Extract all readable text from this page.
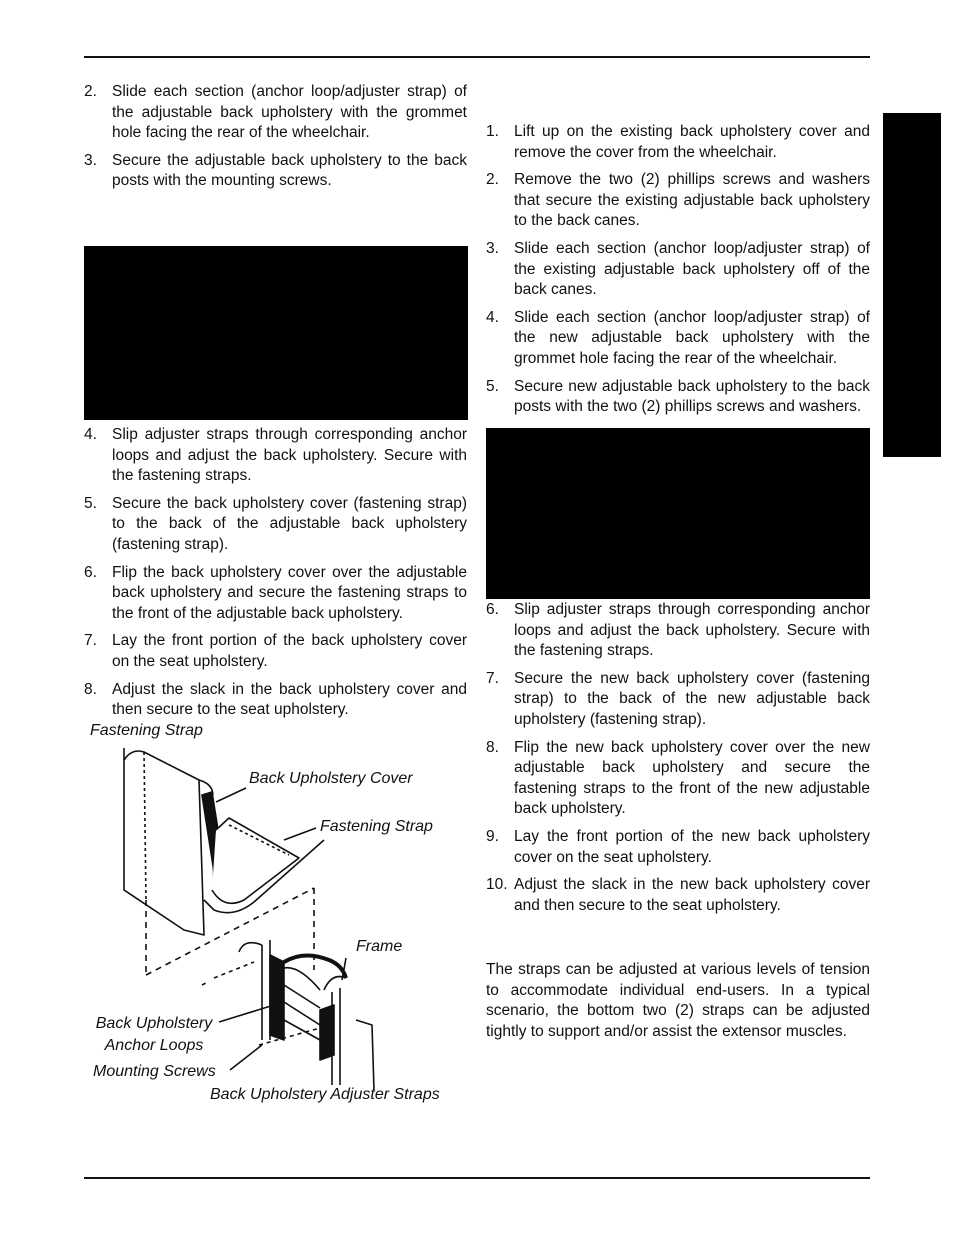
2. Slide each section (anchor loop/adjuster strap) of the adjustable back upholstery with the grommet hole facing the rear of the wheelchair.
3. Secure the adjustable back upholstery to the back posts with the mounting screws.
4. Slip adjuster straps through corresponding anchor loops and adjust the back upholstery. Secure with the fastening straps.
5. Secure the back upholstery cover (fastening strap) to the back of the adjustable back upholstery (fastening strap).
6. Flip the back upholstery cover over the adjustable back upholstery and secure the fastening straps to the front of the adjustable back upholstery.
7. Lay the front portion of the back upholstery cover on the seat upholstery.
8. Adjust the slack in the back upholstery cover and then secure to the seat upholstery.
Fastening Strap
Back Upholstery Cover
Fastening Strap
Frame
Back Upholstery
Anchor Loops
Mounting Screws
Back Upholstery Adjuster Straps
1. Lift up on the existing back upholstery cover and remove the cover from the wheelchair.
2. Remove the two (2) phillips screws and washers that secure the existing adjustable back upholstery to the back canes.
3. Slide each section (anchor loop/adjuster strap) of the existing adjustable back upholstery off of the back canes.
4. Slide each section (anchor loop/adjuster strap) of the new adjustable back upholstery with the grommet hole facing the rear of the wheelchair.
5. Secure new adjustable back upholstery to the back posts with the two (2) phillips screws and washers.
6. Slip adjuster straps through corresponding anchor loops and adjust the back upholstery. Secure with the fastening straps.
7. Secure the new back upholstery cover (fastening strap) to the back of the new adjustable back upholstery (fastening strap).
8. Flip the new back upholstery cover over the new adjustable back upholstery and secure the fastening straps to the front of the new adjustable back upholstery.
9. Lay the front portion of the new back upholstery cover on the seat upholstery.
10. Adjust the slack in the new back upholstery cover and then secure to the seat upholstery.
The straps can be adjusted at various levels of tension to accommodate individual end-users. In a typical scenario, the bottom two (2) straps can be adjusted tightly to support and/or assist the extensor muscles.
